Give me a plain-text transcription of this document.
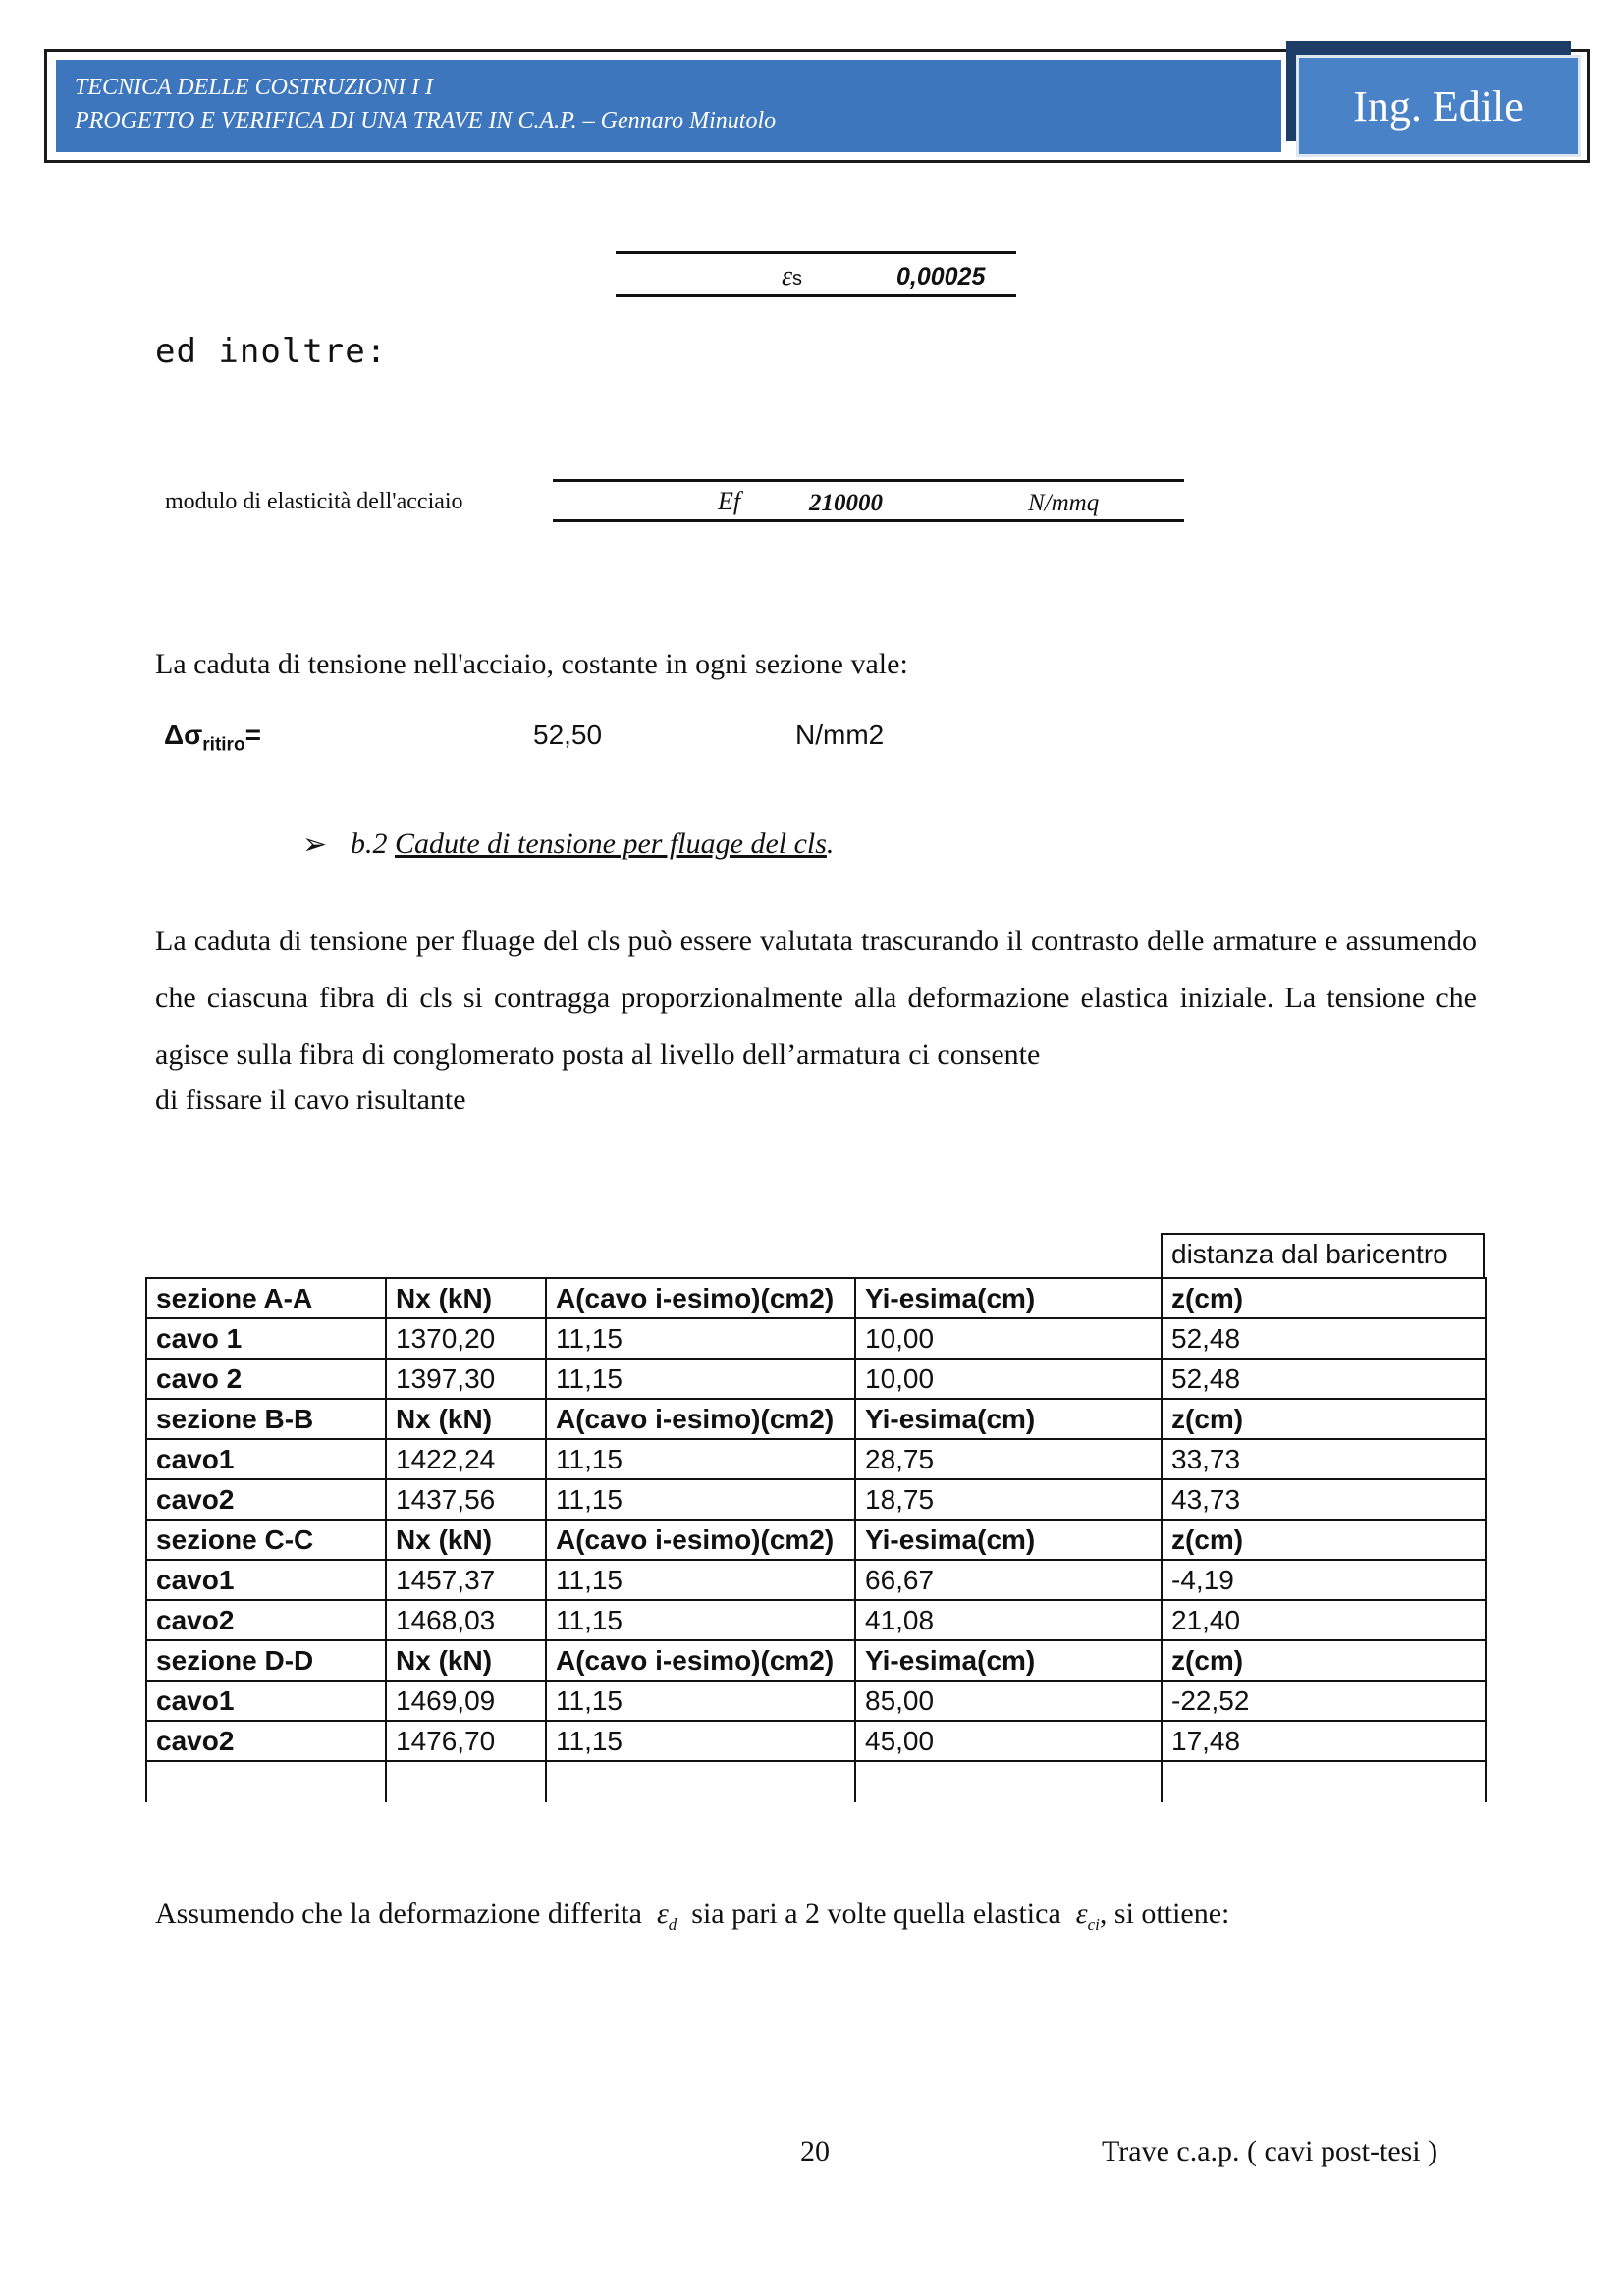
TECNICA DELLE COSTRUZIONI I I
PROGETTO E VERIFICA DI UNA TRAVE IN C.A.P. – Gennaro Minutolo	Ing. Edile
εs	0,00025
ed inoltre:
modulo di elasticità dell'acciaio	Ef	210000	N/mmq
La caduta di tensione nell'acciaio, costante in ogni sezione vale:
$\Delta\sigma_{ritiro}=$	52,50	N/mm2
➢ b.2 Cadute di tensione per fluage del cls.
La caduta di tensione per fluage del cls può essere valutata trascurando il contrasto delle armature e assumendo che ciascuna fibra di cls si contragga proporzionalmente alla deformazione elastica iniziale. La tensione che agisce sulla fibra di conglomerato posta al livello dell’armatura ci consente
di fissare il cavo risultante
distanza dal baricentro
sezione A-A	Nx (kN)	A(cavo i-esimo)(cm2)	Yi-esima(cm)	z(cm)
cavo 1	1370,20	11,15	10,00	52,48
cavo 2	1397,30	11,15	10,00	52,48
sezione B-B	Nx (kN)	A(cavo i-esimo)(cm2)	Yi-esima(cm)	z(cm)
cavo1	1422,24	11,15	28,75	33,73
cavo2	1437,56	11,15	18,75	43,73
sezione C-C	Nx (kN)	A(cavo i-esimo)(cm2)	Yi-esima(cm)	z(cm)
cavo1	1457,37	11,15	66,67	-4,19
cavo2	1468,03	11,15	41,08	21,40
sezione D-D	Nx (kN)	A(cavo i-esimo)(cm2)	Yi-esima(cm)	z(cm)
cavo1	1469,09	11,15	85,00	-22,52
cavo2	1476,70	11,15	45,00	17,48

Assumendo che la deformazione differita $\varepsilon_d$ sia pari a 2 volte quella elastica $\varepsilon_{ci}$, si ottiene:
20	Trave c.a.p. ( cavi post-tesi )
